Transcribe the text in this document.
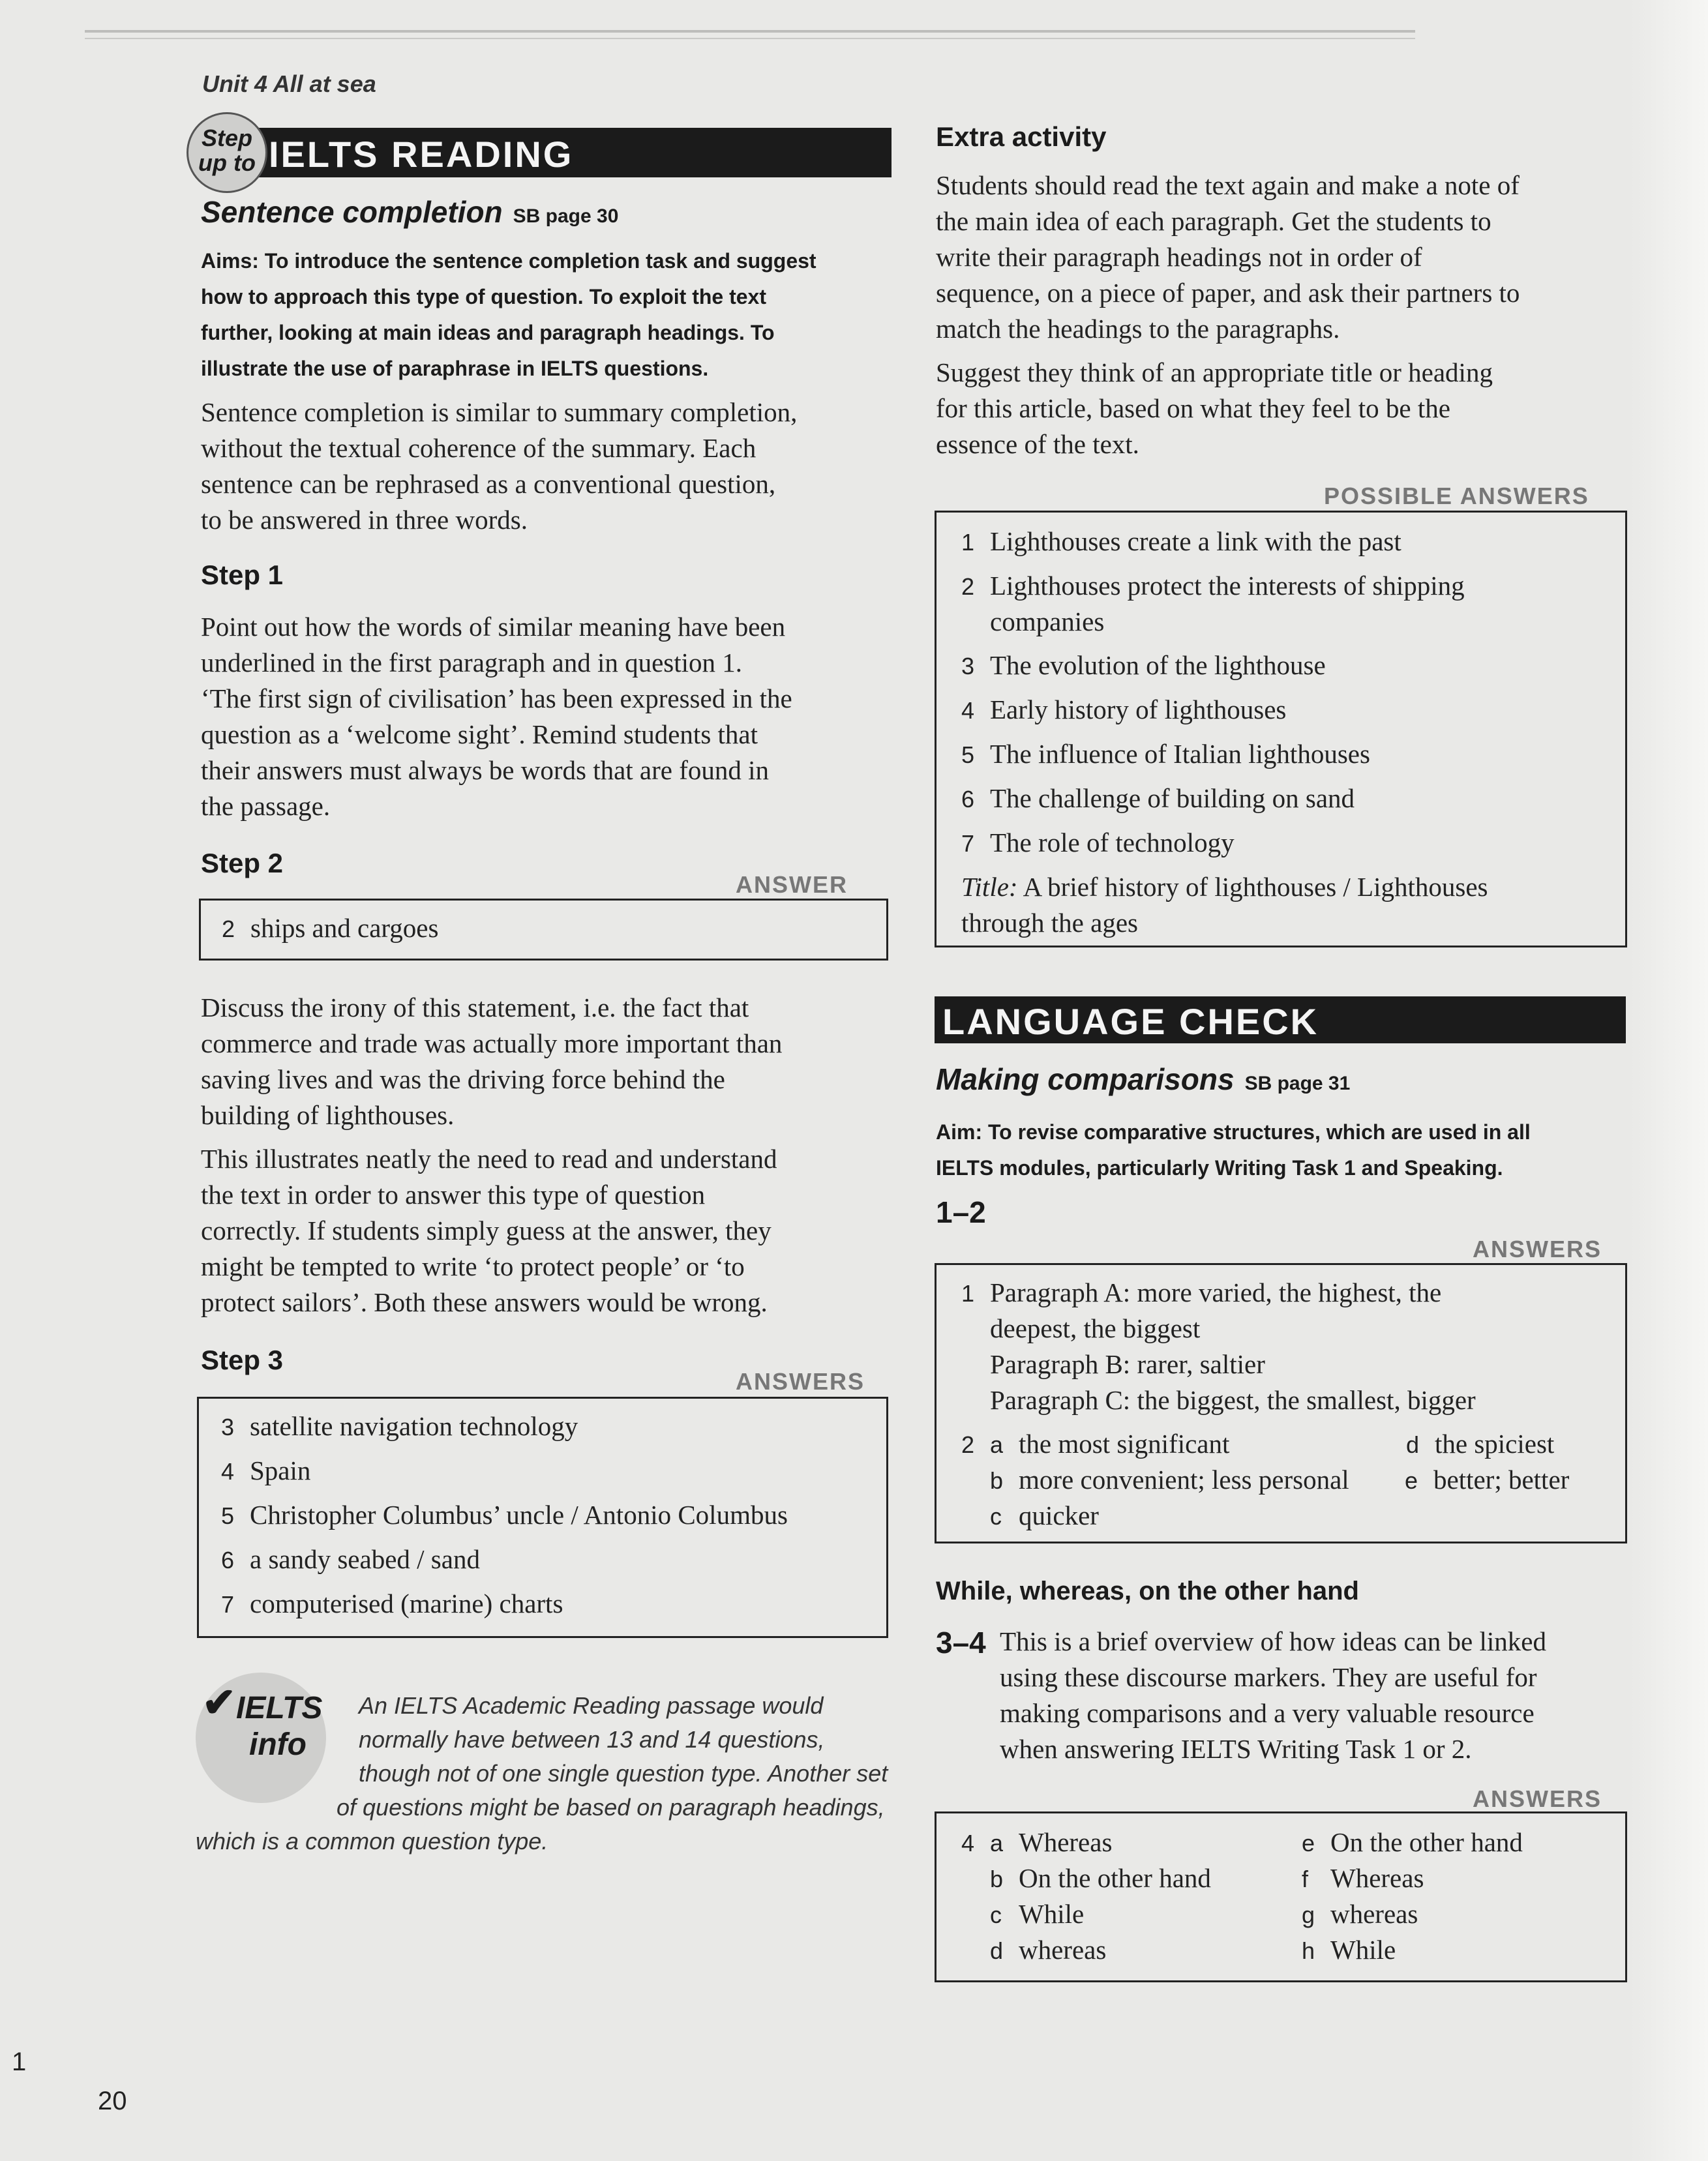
Unit 4 All at sea
IELTS READING
Step
up to
Sentence completion SB page 30
Aims: To introduce the sentence completion task and suggest
how to approach this type of question. To exploit the text
further, looking at main ideas and paragraph headings. To
illustrate the use of paraphrase in IELTS questions.
Sentence completion is similar to summary completion,
without the textual coherence of the summary. Each
sentence can be rephrased as a conventional question,
to be answered in three words.
Step 1
Point out how the words of similar meaning have been
underlined in the first paragraph and in question 1.
‘The first sign of civilisation’ has been expressed in the
question as a ‘welcome sight’. Remind students that
their answers must always be words that are found in
the passage.
Step 2
ANSWER
2 ships and cargoes
Discuss the irony of this statement, i.e. the fact that
commerce and trade was actually more important than
saving lives and was the driving force behind the
building of lighthouses.
This illustrates neatly the need to read and understand
the text in order to answer this type of question
correctly. If students simply guess at the answer, they
might be tempted to write ‘to protect people’ or ‘to
protect sailors’. Both these answers would be wrong.
Step 3
ANSWERS
3 satellite navigation technology
4 Spain
5 Christopher Columbus’ uncle / Antonio Columbus
6 a sandy seabed / sand
7 computerised (marine) charts
✔ IELTS
info
An IELTS Academic Reading passage would
normally have between 13 and 14 questions,
though not of one single question type. Another set
of questions might be based on paragraph headings,
which is a common question type.
Extra activity
Students should read the text again and make a note of
the main idea of each paragraph. Get the students to
write their paragraph headings not in order of
sequence, on a piece of paper, and ask their partners to
match the headings to the paragraphs.
Suggest they think of an appropriate title or heading
for this article, based on what they feel to be the
essence of the text.
POSSIBLE ANSWERS
1 Lighthouses create a link with the past
2 Lighthouses protect the interests of shipping
companies
3 The evolution of the lighthouse
4 Early history of lighthouses
5 The influence of Italian lighthouses
6 The challenge of building on sand
7 The role of technology
Title: A brief history of lighthouses / Lighthouses
through the ages
LANGUAGE CHECK
Making comparisons SB page 31
Aim: To revise comparative structures, which are used in all
IELTS modules, particularly Writing Task 1 and Speaking.
1–2
ANSWERS
1 Paragraph A: more varied, the highest, the
deepest, the biggest
Paragraph B: rarer, saltier
Paragraph C: the biggest, the smallest, bigger
2 a the most significant
b more convenient; less personal
c quicker
d the spiciest
e better; better
While, whereas, on the other hand
3–4 This is a brief overview of how ideas can be linked
using these discourse markers. They are useful for
making comparisons and a very valuable resource
when answering IELTS Writing Task 1 or 2.
ANSWERS
4 a Whereas
b On the other hand
c While
d whereas
e On the other hand
f Whereas
g whereas
h While
1
20
